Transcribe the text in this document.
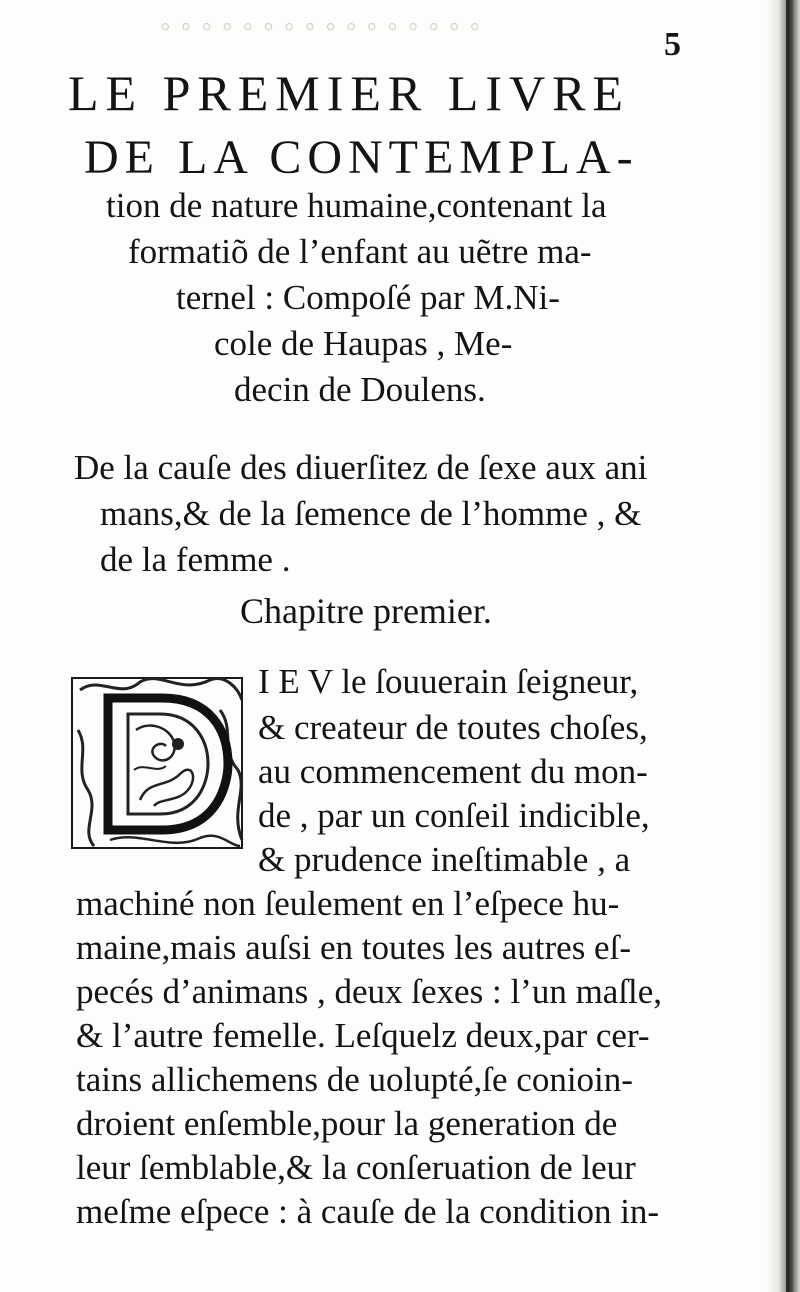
◦◦◦◦◦◦◦◦◦◦◦◦◦◦◦◦	5
LE PREMIER LIVRE
DE LA CONTEMPLA-
tion de nature humaine,contenant la
formatiõ de l’enfant au uẽtre ma-
ternel : Compoſé par M.Ni-
cole de Haupas , Me-
decin de Doulens.
De la cauſe des diuerſitez de ſexe aux ani
mans,& de la ſemence de l’homme , &
de la femme .
Chapitre premier.
D	I E V le ſouuerain ſeigneur,
& createur de toutes choſes,
au commencement du mon-
de , par un conſeil indicible,
& prudence ineſtimable , a
machiné non ſeulement en l’eſpece hu-
maine,mais auſsi en toutes les autres eſ-
pecés d’animans , deux ſexes : l’un maſle,
& l’autre femelle. Leſquelz deux,par cer-
tains allichemens de uolupté,ſe conioin-
droient enſemble,pour la generation de
leur ſemblable,& la conſeruation de leur
meſme eſpece : à cauſe de la condition in-
